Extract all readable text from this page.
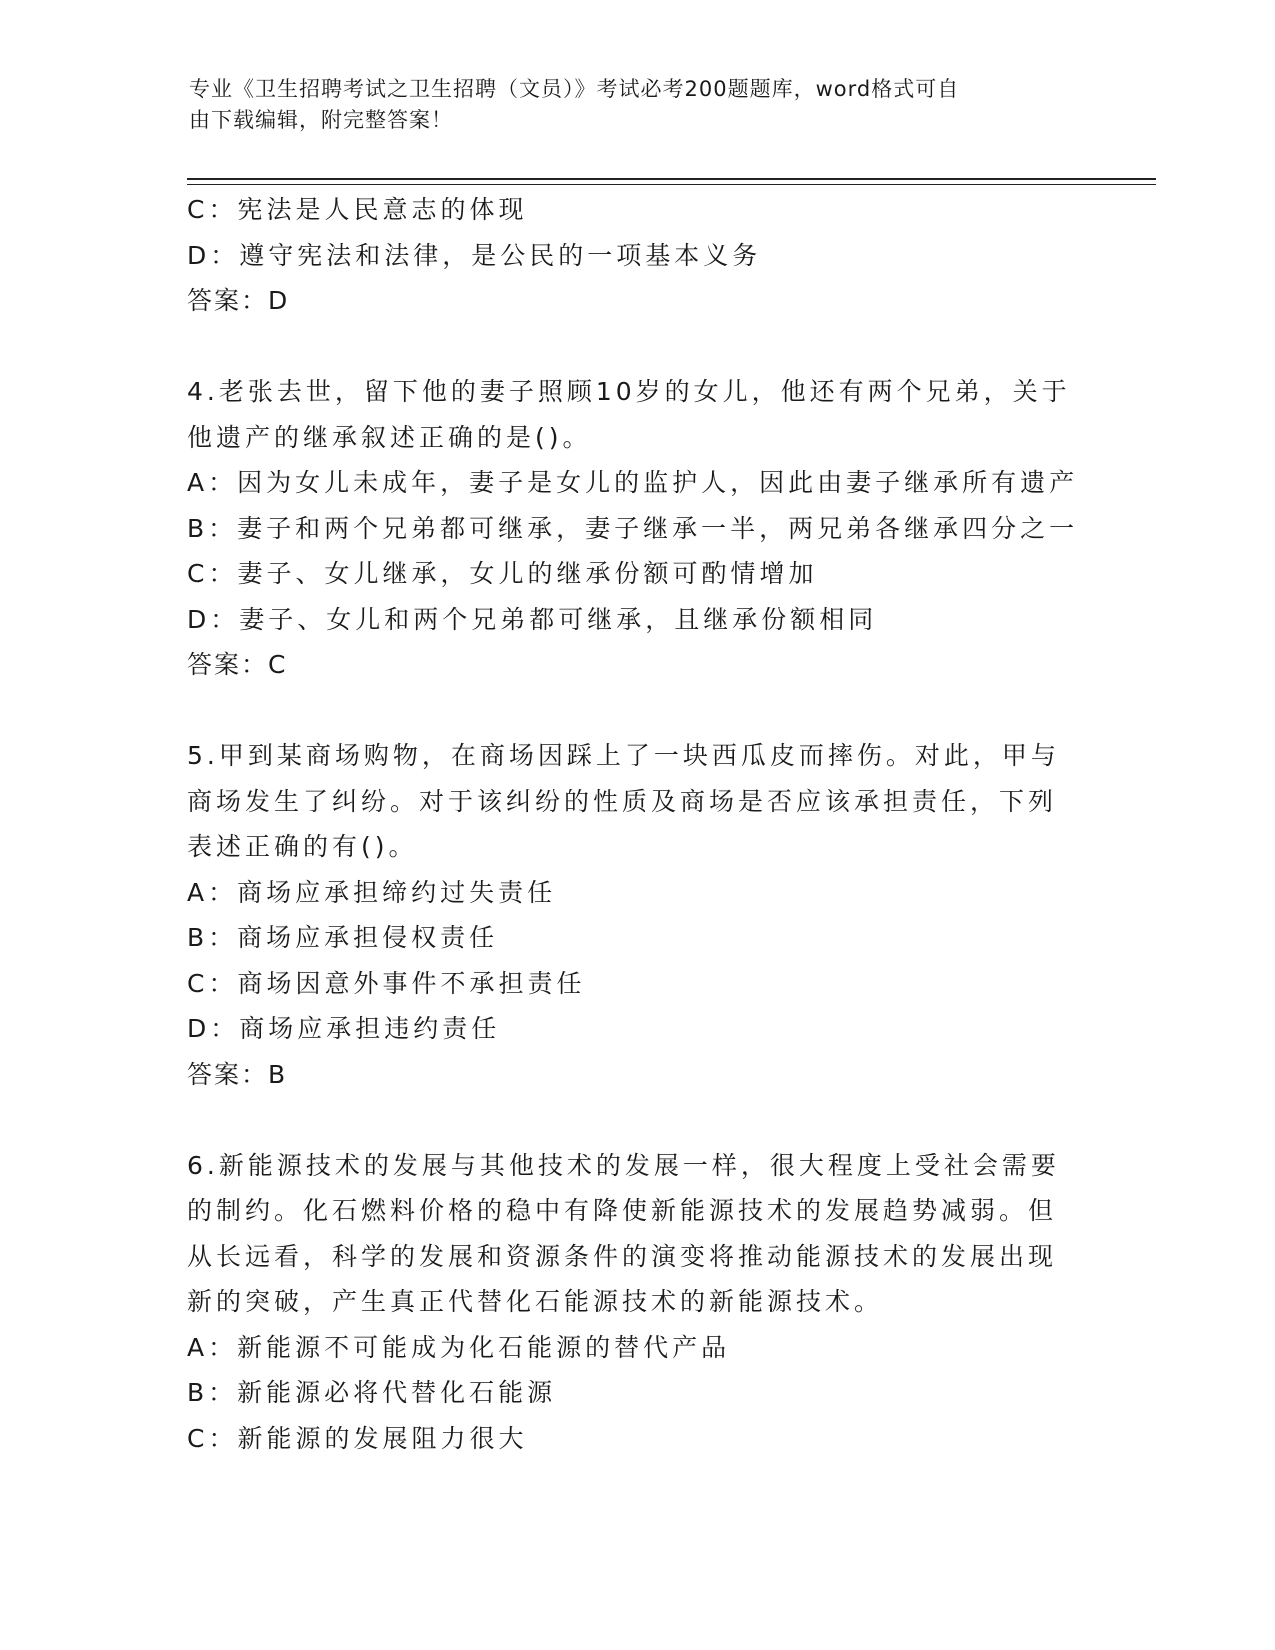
专业《卫生招聘考试之卫生招聘（文员）》考试必考200题题库，word格式可自
由下载编辑，附完整答案！
C：宪法是人民意志的体现
D：遵守宪法和法律，是公民的一项基本义务
答案：D
4.老张去世，留下他的妻子照顾10岁的女儿，他还有两个兄弟，关于
他遗产的继承叙述正确的是()。
A：因为女儿未成年，妻子是女儿的监护人，因此由妻子继承所有遗产
B：妻子和两个兄弟都可继承，妻子继承一半，两兄弟各继承四分之一
C：妻子、女儿继承，女儿的继承份额可酌情增加
D：妻子、女儿和两个兄弟都可继承，且继承份额相同
答案：C
5.甲到某商场购物，在商场因踩上了一块西瓜皮而摔伤。对此，甲与
商场发生了纠纷。对于该纠纷的性质及商场是否应该承担责任，下列
表述正确的有()。
A：商场应承担缔约过失责任
B：商场应承担侵权责任
C：商场因意外事件不承担责任
D：商场应承担违约责任
答案：B
6.新能源技术的发展与其他技术的发展一样，很大程度上受社会需要
的制约。化石燃料价格的稳中有降使新能源技术的发展趋势减弱。但
从长远看，科学的发展和资源条件的演变将推动能源技术的发展出现
新的突破，产生真正代替化石能源技术的新能源技术。
A：新能源不可能成为化石能源的替代产品
B：新能源必将代替化石能源
C：新能源的发展阻力很大
